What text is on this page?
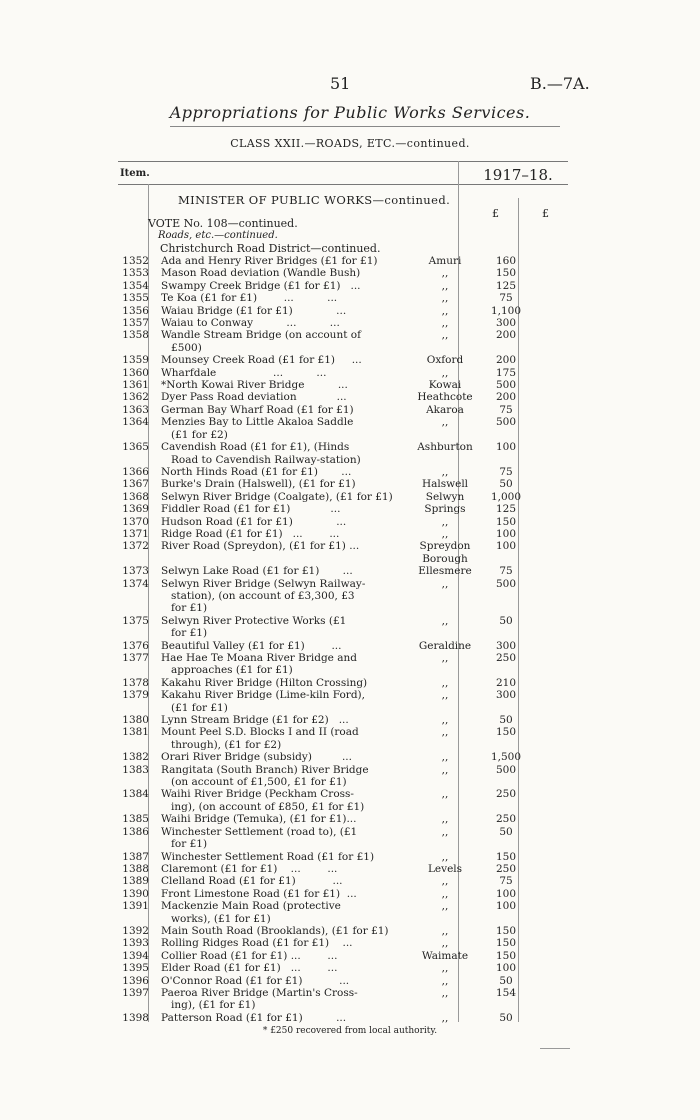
51	B.—7A.
Appropriations for Public Works Services.
CLASS XXII.—ROADS, ETC.—continued.
Item.	1917–18.
£	£
MINISTER OF PUBLIC WORKS—continued.
VOTE No. 108—continued.
Roads, etc.—continued.
Christchurch Road District—continued.
1352	Ada and Henry River Bridges (£1 for £1)	Amuri	160
1353	Mason Road deviation (Wandle Bush)	,,	150
1354	Swampy Creek Bridge (£1 for £1)   ...	,,	125
1355	Te Koa (£1 for £1)        ...          ...	,,	75
1356	Waiau Bridge (£1 for £1)             ...	,,	1,100
1357	Waiau to Conway          ...          ...	,,	300
1358	Wandle Stream Bridge (on account of	,,	200
£500)
1359	Mounsey Creek Road (£1 for £1)     ...	Oxford	200
1360	Wharfdale                 ...          ...	,,	175
1361	*North Kowai River Bridge          ...	Kowai	500
1362	Dyer Pass Road deviation            ...	Heathcote	200
1363	German Bay Wharf Road (£1 for £1)	Akaroa	75
1364	Menzies Bay to Little Akaloa Saddle	,,	500
(£1 for £2)
1365	Cavendish Road (£1 for £1), (Hinds	Ashburton	100
Road to Cavendish Railway-station)
1366	North Hinds Road (£1 for £1)       ...	,,	75
1367	Burke's Drain (Halswell), (£1 for £1)	Halswell	50
1368	Selwyn River Bridge (Coalgate), (£1 for £1)	Selwyn	1,000
1369	Fiddler Road (£1 for £1)            ...	Springs	125
1370	Hudson Road (£1 for £1)             ...	,,	150
1371	Ridge Road (£1 for £1)   ...        ...	,,	100
1372	River Road (Spreydon), (£1 for £1) ...	Spreydon	100
Borough
1373	Selwyn Lake Road (£1 for £1)       ...	Ellesmere	75
1374	Selwyn River Bridge (Selwyn Railway-	,,	500
station), (on account of £3,300, £3
for £1)
1375	Selwyn River Protective Works (£1	,,	50
for £1)
1376	Beautiful Valley (£1 for £1)        ...	Geraldine	300
1377	Hae Hae Te Moana River Bridge and	,,	250
approaches (£1 for £1)
1378	Kakahu River Bridge (Hilton Crossing)	,,	210
1379	Kakahu River Bridge (Lime-kiln Ford),	,,	300
(£1 for £1)
1380	Lynn Stream Bridge (£1 for £2)   ...	,,	50
1381	Mount Peel S.D. Blocks I and II (road	,,	150
through), (£1 for £2)
1382	Orari River Bridge (subsidy)         ...	,,	1,500
1383	Rangitata (South Branch) River Bridge	,,	500
(on account of £1,500, £1 for £1)
1384	Waihi River Bridge (Peckham Cross-	,,	250
ing), (on account of £850, £1 for £1)
1385	Waihi Bridge (Temuka), (£1 for £1)...	,,	250
1386	Winchester Settlement (road to), (£1	,,	50
for £1)
1387	Winchester Settlement Road (£1 for £1)	,,	150
1388	Claremont (£1 for £1)    ...        ...	Levels	250
1389	Clelland Road (£1 for £1)           ...	,,	75
1390	Front Limestone Road (£1 for £1)  ...	,,	100
1391	Mackenzie Main Road (protective	,,	100
works), (£1 for £1)
1392	Main South Road (Brooklands), (£1 for £1)	,,	150
1393	Rolling Ridges Road (£1 for £1)    ...	,,	150
1394	Collier Road (£1 for £1) ...        ...	Waimate	150
1395	Elder Road (£1 for £1)   ...        ...	,,	100
1396	O'Connor Road (£1 for £1)           ...	,,	50
1397	Paeroa River Bridge (Martin's Cross-	,,	154
ing), (£1 for £1)
1398	Patterson Road (£1 for £1)          ...	,,	50
* £250 recovered from local authority.
